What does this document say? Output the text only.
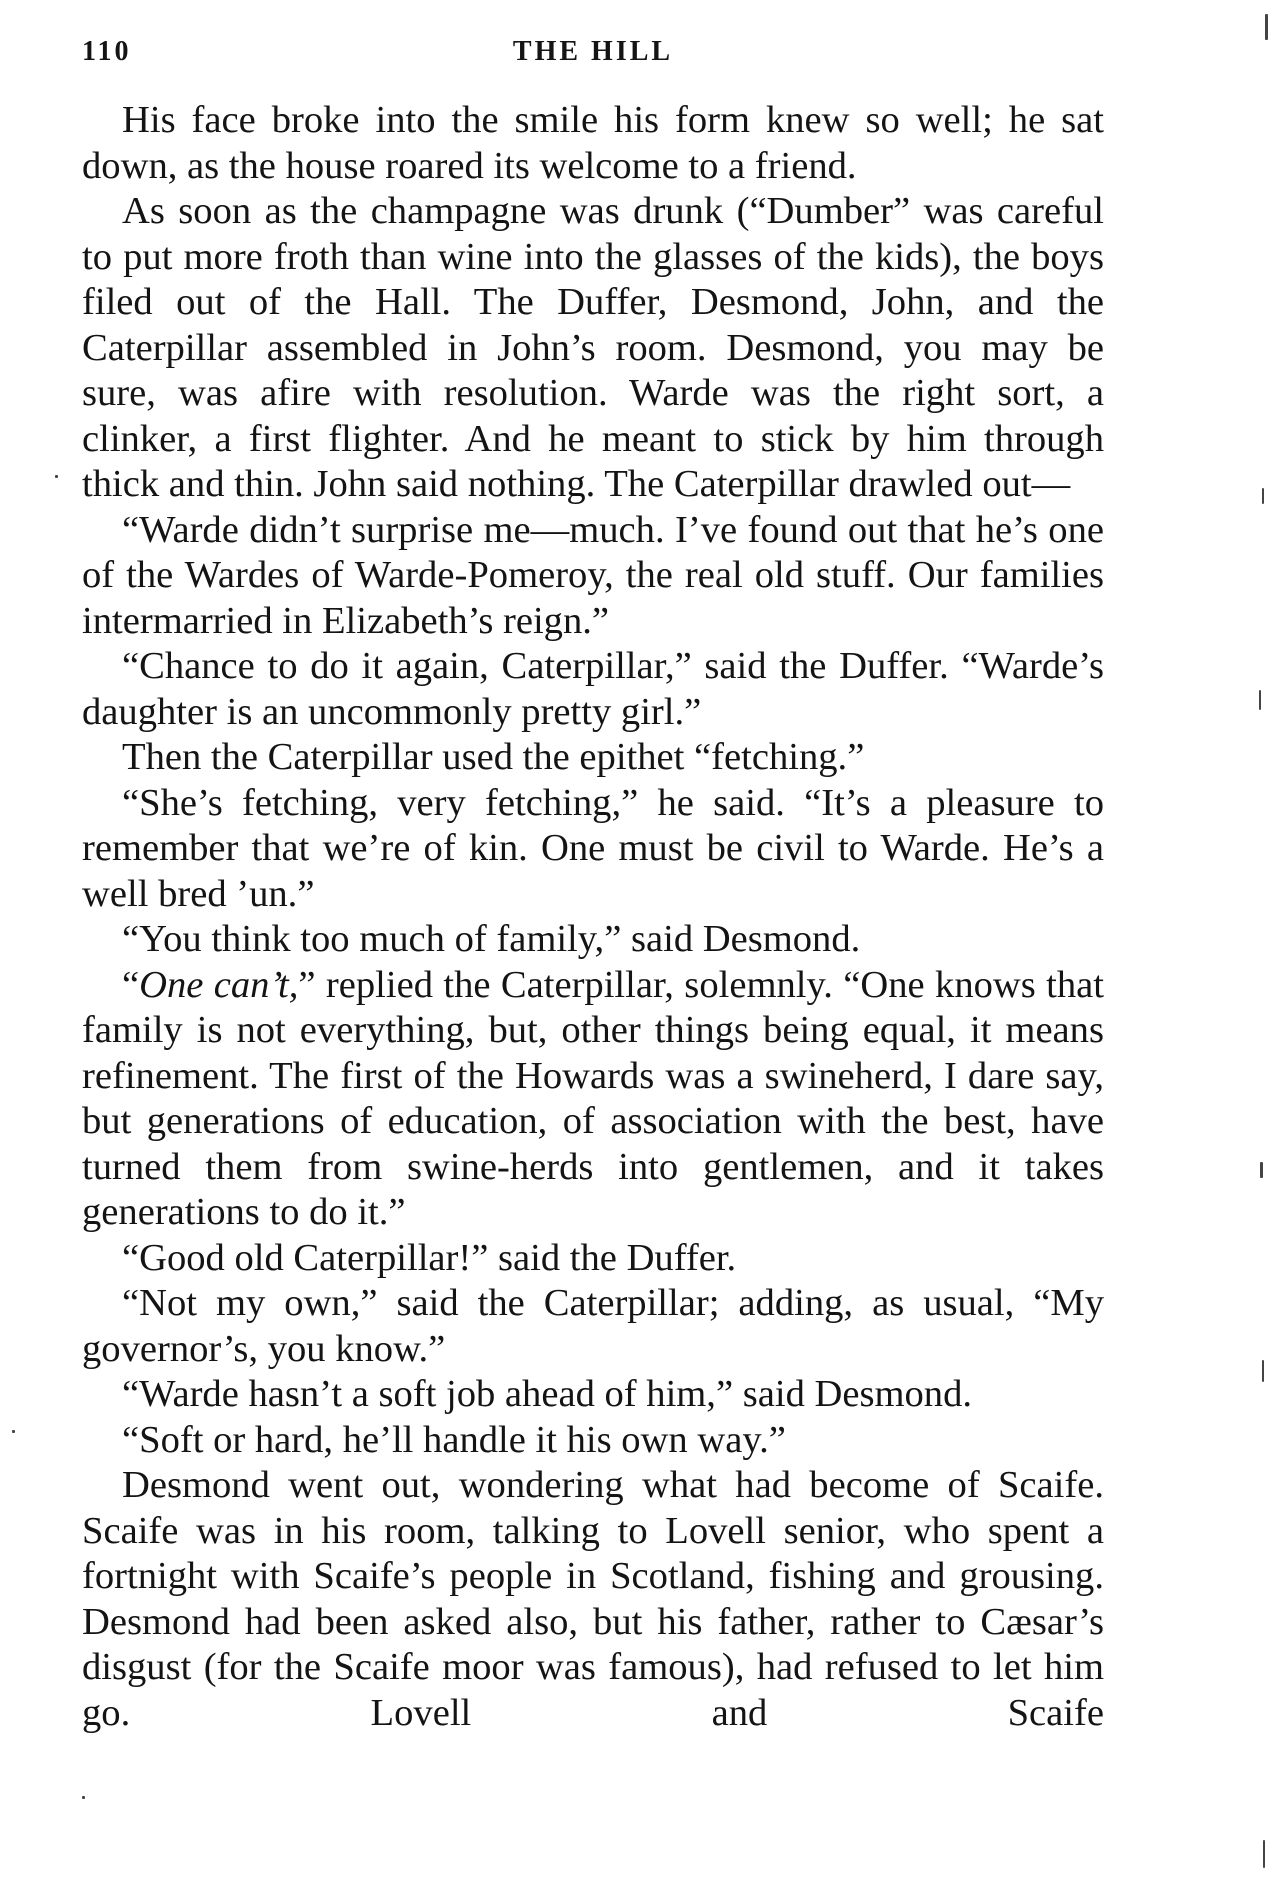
110	THE HILL

His face broke into the smile his form knew so well; he sat down, as the house roared its welcome to a friend.

As soon as the champagne was drunk (“Dumber” was careful to put more froth than wine into the glasses of the kids), the boys filed out of the Hall. The Duffer, Desmond, John, and the Caterpillar assembled in John’s room. Desmond, you may be sure, was afire with resolution. Warde was the right sort, a clinker, a first flighter. And he meant to stick by him through thick and thin. John said nothing. The Caterpillar drawled out—

“Warde didn’t surprise me—much. I’ve found out that he’s one of the Wardes of Warde-Pomeroy, the real old stuff. Our families intermarried in Elizabeth’s reign.”

“Chance to do it again, Caterpillar,” said the Duffer. “Warde’s daughter is an uncommonly pretty girl.”

Then the Caterpillar used the epithet “fetching.”

“She’s fetching, very fetching,” he said. “It’s a pleasure to remember that we’re of kin. One must be civil to Warde. He’s a well bred ’un.”

“You think too much of family,” said Desmond.

“One can’t,” replied the Caterpillar, solemnly. “One knows that family is not everything, but, other things being equal, it means refinement. The first of the Howards was a swineherd, I dare say, but generations of education, of association with the best, have turned them from swine-herds into gentlemen, and it takes generations to do it.”

“Good old Caterpillar!” said the Duffer.

“Not my own,” said the Caterpillar; adding, as usual, “My governor’s, you know.”

“Warde hasn’t a soft job ahead of him,” said Desmond.

“Soft or hard, he’ll handle it his own way.”

Desmond went out, wondering what had become of Scaife. Scaife was in his room, talking to Lovell senior, who spent a fortnight with Scaife’s people in Scotland, fishing and grousing. Desmond had been asked also, but his father, rather to Cæsar’s disgust (for the Scaife moor was famous), had refused to let him go. Lovell and Scaife
